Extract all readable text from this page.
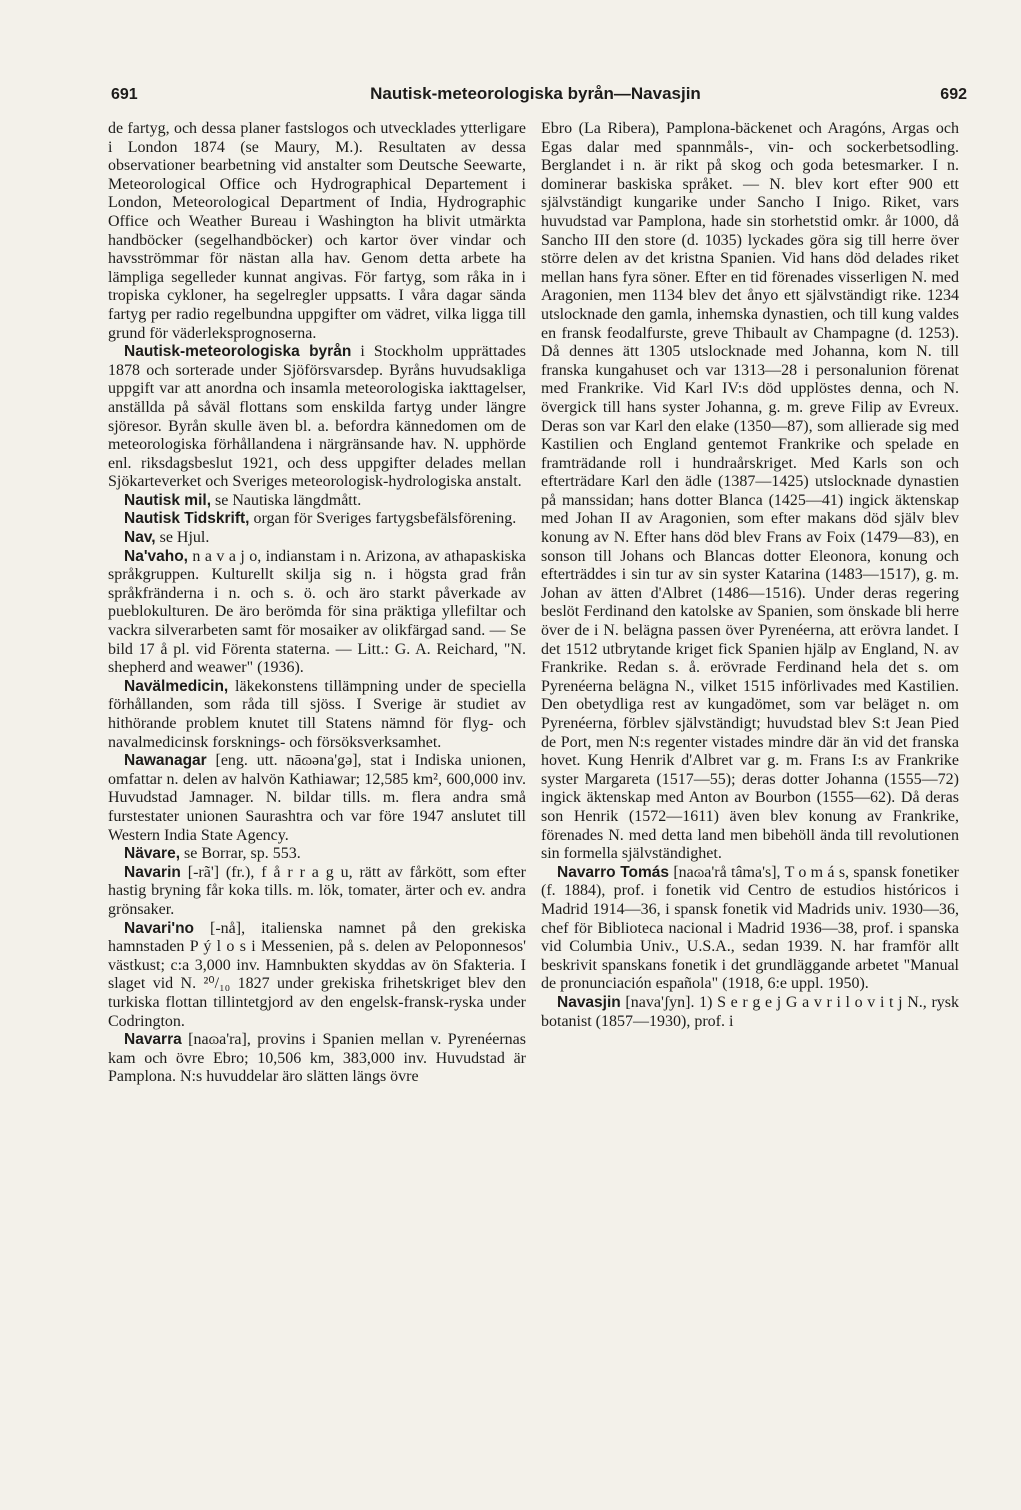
691	Nautisk-meteorologiska byrån—Navasjin	692

de fartyg, och dessa planer fastslogos och utvecklades ytterligare i London 1874 (se Maury, M.). Resultaten av dessa observationer bearbetning vid anstalter som Deutsche Seewarte, Meteorological Office och Hydrographical Departement i London, Meteorological Department of India, Hydrographic Office och Weather Bureau i Washington ha blivit utmärkta handböcker (segelhandböcker) och kartor över vindar och havsströmmar för nästan alla hav. Genom detta arbete ha lämpliga segelleder kunnat angivas. För fartyg, som råka in i tropiska cykloner, ha segelregler uppsatts. I våra dagar sända fartyg per radio regelbundna uppgifter om vädret, vilka ligga till grund för väderleksprognoserna.

Nautisk-meteorologiska byrån i Stockholm upprättades 1878 och sorterade under Sjöförsvarsdep. Byråns huvudsakliga uppgift var att anordna och insamla meteorologiska iakttagelser, anställda på såväl flottans som enskilda fartyg under längre sjöresor. Byrån skulle även bl. a. befordra kännedomen om de meteorologiska förhållandena i närgränsande hav. N. upphörde enl. riksdagsbeslut 1921, och dess uppgifter delades mellan Sjökarteverket och Sveriges meteorologisk-hydrologiska anstalt.

Nautisk mil, se Nautiska längdmått.

Nautisk Tidskrift, organ för Sveriges fartygsbefälsförening.

Nav, se Hjul.

Na'vaho, n a v a j o, indianstam i n. Arizona, av athapaskiska språkgruppen. Kulturellt skilja sig n. i högsta grad från språkfränderna i n. och s. ö. och äro starkt påverkade av pueblokulturen. De äro berömda för sina präktiga yllefiltar och vackra silverarbeten samt för mosaiker av olikfärgad sand. — Se bild 17 å pl. vid Förenta staterna. — Litt.: G. A. Reichard, "N. shepherd and weawer" (1936).

Navälmedicin, läkekonstens tillämpning under de speciella förhållanden, som råda till sjöss. I Sverige är studiet av hithörande problem knutet till Statens nämnd för flyg- och navalmedicinsk forsknings- och försöksverksamhet.

Nawanagar [eng. utt. nāɷəna'gə], stat i Indiska unionen, omfattar n. delen av halvön Kathiawar; 12,585 km², 600,000 inv. Huvudstad Jamnager. N. bildar tills. m. flera andra små furstestater unionen Saurashtra och var före 1947 anslutet till Western India State Agency.

Nävare, se Borrar, sp. 553.

Navarin [-rã'] (fr.), f å r r a g u, rätt av fårkött, som efter hastig bryning får koka tills. m. lök, tomater, ärter och ev. andra grönsaker.

Navari'no [-nå], italienska namnet på den grekiska hamnstaden P ý l o s i Messenien, på s. delen av Peloponnesos' västkust; c:a 3,000 inv. Hamnbukten skyddas av ön Sfakteria. I slaget vid N. ²⁰/₁₀ 1827 under grekiska frihetskriget blev den turkiska flottan tillintetgjord av den engelsk-fransk-ryska under Codrington.

Navarra [naɷa'ra], provins i Spanien mellan v. Pyrenéernas kam och övre Ebro; 10,506 km, 383,000 inv. Huvudstad är Pamplona. N:s huvuddelar äro slätten längs övre

Ebro (La Ribera), Pamplona-bäckenet och Aragóns, Argas och Egas dalar med spannmåls-, vin- och sockerbetsodling. Berglandet i n. är rikt på skog och goda betesmarker. I n. dominerar baskiska språket. — N. blev kort efter 900 ett självständigt kungarike under Sancho I Inigo. Riket, vars huvudstad var Pamplona, hade sin storhetstid omkr. år 1000, då Sancho III den store (d. 1035) lyckades göra sig till herre över större delen av det kristna Spanien. Vid hans död delades riket mellan hans fyra söner. Efter en tid förenades visserligen N. med Aragonien, men 1134 blev det ånyo ett självständigt rike. 1234 utslocknade den gamla, inhemska dynastien, och till kung valdes en fransk feodalfurste, greve Thibault av Champagne (d. 1253). Då dennes ätt 1305 utslocknade med Johanna, kom N. till franska kungahuset och var 1313—28 i personalunion förenat med Frankrike. Vid Karl IV:s död upplöstes denna, och N. övergick till hans syster Johanna, g. m. greve Filip av Evreux. Deras son var Karl den elake (1350—87), som allierade sig med Kastilien och England gentemot Frankrike och spelade en framträdande roll i hundraårskriget. Med Karls son och efterträdare Karl den ädle (1387—1425) utslocknade dynastien på manssidan; hans dotter Blanca (1425—41) ingick äktenskap med Johan II av Aragonien, som efter makans död själv blev konung av N. Efter hans död blev Frans av Foix (1479—83), en sonson till Johans och Blancas dotter Eleonora, konung och efterträddes i sin tur av sin syster Katarina (1483—1517), g. m. Johan av ätten d'Albret (1486—1516). Under deras regering beslöt Ferdinand den katolske av Spanien, som önskade bli herre över de i N. belägna passen över Pyrenéerna, att erövra landet. I det 1512 utbrytande kriget fick Spanien hjälp av England, N. av Frankrike. Redan s. å. erövrade Ferdinand hela det s. om Pyrenéerna belägna N., vilket 1515 införlivades med Kastilien. Den obetydliga rest av kungadömet, som var beläget n. om Pyrenéerna, förblev självständigt; huvudstad blev S:t Jean Pied de Port, men N:s regenter vistades mindre där än vid det franska hovet. Kung Henrik d'Albret var g. m. Frans I:s av Frankrike syster Margareta (1517—55); deras dotter Johanna (1555—72) ingick äktenskap med Anton av Bourbon (1555—62). Då deras son Henrik (1572—1611) även blev konung av Frankrike, förenades N. med detta land men bibehöll ända till revolutionen sin formella självständighet.

Navarro Tomás [naɷa'rå tâma's], T o m á s, spansk fonetiker (f. 1884), prof. i fonetik vid Centro de estudios históricos i Madrid 1914—36, i spansk fonetik vid Madrids univ. 1930—36, chef för Biblioteca nacional i Madrid 1936—38, prof. i spanska vid Columbia Univ., U.S.A., sedan 1939. N. har framför allt beskrivit spanskans fonetik i det grundläggande arbetet "Manual de pronunciación española" (1918, 6:e uppl. 1950).

Navasjin [nava'ʃyn]. 1) S e r g e j G a v r i l o v i t j N., rysk botanist (1857—1930), prof. i
